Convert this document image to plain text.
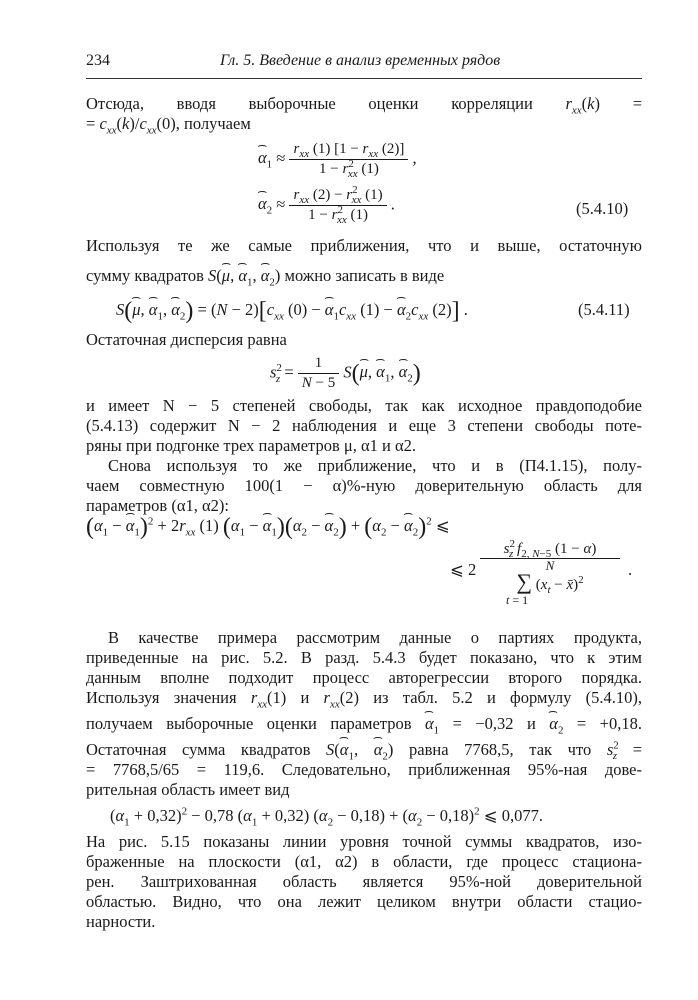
234	Гл. 5. Введение в анализ временных рядов
Отсюда, вводя выборочные оценки корреляции $r_{xx}(k)$ =
= $c_{xx}(k)/c_{xx}(0)$, получаем
⌢ $\alpha_1 \approx \frac{r_{xx} (1) [1 - r_{xx} (2)]}{1 - r^2_{xx} (1)}$ ,
⌢ $\alpha_2 \approx \frac{r_{xx} (2) - r^2_{xx} (1)}{1 - r^2_{xx} (1)}$ .	(5.4.10)
Используя те же самые приближения, что и выше, остаточную
сумму квадратов S(⌢ μ, ⌢ $\alpha_1$, ⌢ $\alpha_2$) можно записать в виде
S(⌢ μ, ⌢ $\alpha_1$, ⌢ $\alpha_2) = (N - 2)[c_{xx}$ (0) − ⌢ $\alpha_1c_{xx}$ (1) − ⌢ $\alpha_2c_{xx}$ (2)] .	(5.4.11)
Остаточная дисперсия равна
$s^2_z = \frac{1}{N - 5}$ S(⌢ μ, ⌢ $\alpha_1$, ⌢ $\alpha_2$)
и имеет N − 5 степеней свободы, так как исходное правдоподобие
(5.4.13) содержит N − 2 наблюдения и еще 3 степени свободы поте-
ряны при подгонке трех параметров μ, α1 и α2.
Снова используя то же приближение, что и в (П4.1.15), полу-
чаем совместную 100(1 − α)%-ную доверительную область для
параметров (α1, α2):
($\alpha_1$ − ⌢ $\alpha_1)^2 + 2r_{xx}$ (1) ($\alpha_1$ − ⌢ $\alpha_1)(\alpha_2$ − ⌢ $\alpha_2) + (\alpha_2$ − ⌢ $\alpha_2)^2$ ⩽
⩽ 2
$s^2_z$ $f_{2, N-5}$ (1 − α)
N
∑ ($x_t$ − x̄)$^2$
t = 1
.
В качестве примера рассмотрим данные о партиях продукта,
приведенные на рис. 5.2. В разд. 5.4.3 будет показано, что к этим
данным вполне подходит процесс авторегрессии второго порядка.
Используя значения $r_{xx}(1)$ и $r_{xx}(2)$ из табл. 5.2 и формулу (5.4.10),
получаем выборочные оценки параметров ⌢ $\alpha_1 = -0,32$ и ⌢ $\alpha_2 = +0,18$.
Остаточная сумма квадратов S(⌢ $\alpha_1$, ⌢ $\alpha_2$) равна 7768,5, так что $s^2_z$ =
= 7768,5/65 = 119,6. Следовательно, приближенная 95%-ная дове-
рительная область имеет вид
$(\alpha_1 + 0,32)^2 - 0,78$ $(\alpha_1 + 0,32) (\alpha_2 - 0,18) + (\alpha_2 - 0,18)^2$ ⩽ 0,077.
На рис. 5.15 показаны линии уровня точной суммы квадратов, изо-
браженные на плоскости (α1, α2) в области, где процесс стациона-
рен. Заштрихованная область является 95%-ной доверительной
областью. Видно, что она лежит целиком внутри области стацио-
нарности.
